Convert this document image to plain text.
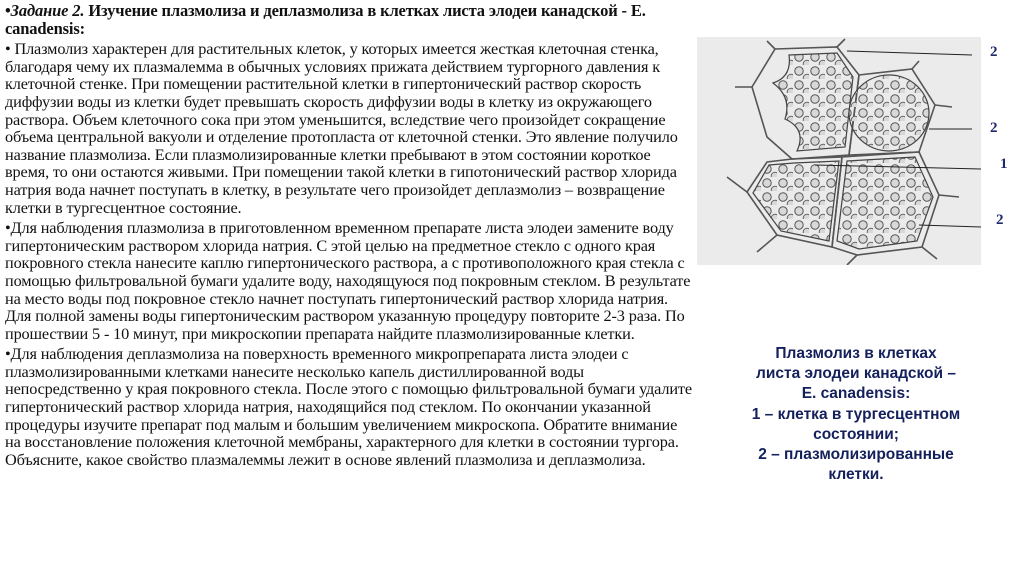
•Задание 2. Изучение плазмолиза и деплазмолиза в клетках листа элодеи канадской - E. canadensis:
• Плазмолиз характерен для растительных клеток, у которых имеется жесткая клеточная стенка, благодаря чему их плазмалемма в обычных условиях прижата действием тургорного давления к клеточной стенке. При помещении растительной клетки в гипертонический раствор скорость диффузии воды из клетки будет превышать скорость диффузии воды в клетку из окружающего раствора. Объем клеточного сока при этом уменьшится, вследствие чего произойдет сокращение объема центральной вакуоли и отделение протопласта от клеточной стенки. Это явление получило название плазмолиза. Если плазмолизированные клетки пребывают в этом состоянии короткое время, то они остаются живыми. При помещении такой клетки в гипотонический раствор хлорида натрия вода начнет поступать в клетку, в результате чего произойдет деплазмолиз – возвращение клетки в тургесцентное состояние.
•Для наблюдения плазмолиза в приготовленном временном препарате листа элодеи замените воду гипертоническим раствором хлорида натрия. С этой целью на предметное стекло с одного края покровного стекла нанесите каплю гипертонического раствора, а с противоположного края стекла с помощью фильтровальной бумаги удалите воду, находящуюся под покровным стеклом. В результате на место воды под покровное стекло начнет поступать гипертонический раствор хлорида натрия. Для полной замены воды гипертоническим раствором указанную процедуру повторите 2-3 раза. По прошествии 5 - 10 минут, при микроскопии препарата найдите плазмолизированные клетки.
•Для наблюдения деплазмолиза на поверхность временного микропрепарата листа элодеи с плазмолизированными клетками нанесите несколько капель дистиллированной воды непосредственно у края покровного стекла. После этого с помощью фильтровальной бумаги удалите гипертонический раствор хлорида натрия, находящийся под стеклом. По окончании указанной процедуры изучите препарат под малым и большим увеличением микроскопа. Обратите внимание на восстановление положения клеточной мембраны, характерного для клетки в состоянии тургора. Объясните, какое свойство плазмалеммы лежит в основе явлений плазмолиза и деплазмолиза.
2
2
1
2
Плазмолиз в клетках
листа элодеи канадской –
E. canadensis:
1 – клетка в тургесцентном
состоянии;
2 – плазмолизированные
клетки.
